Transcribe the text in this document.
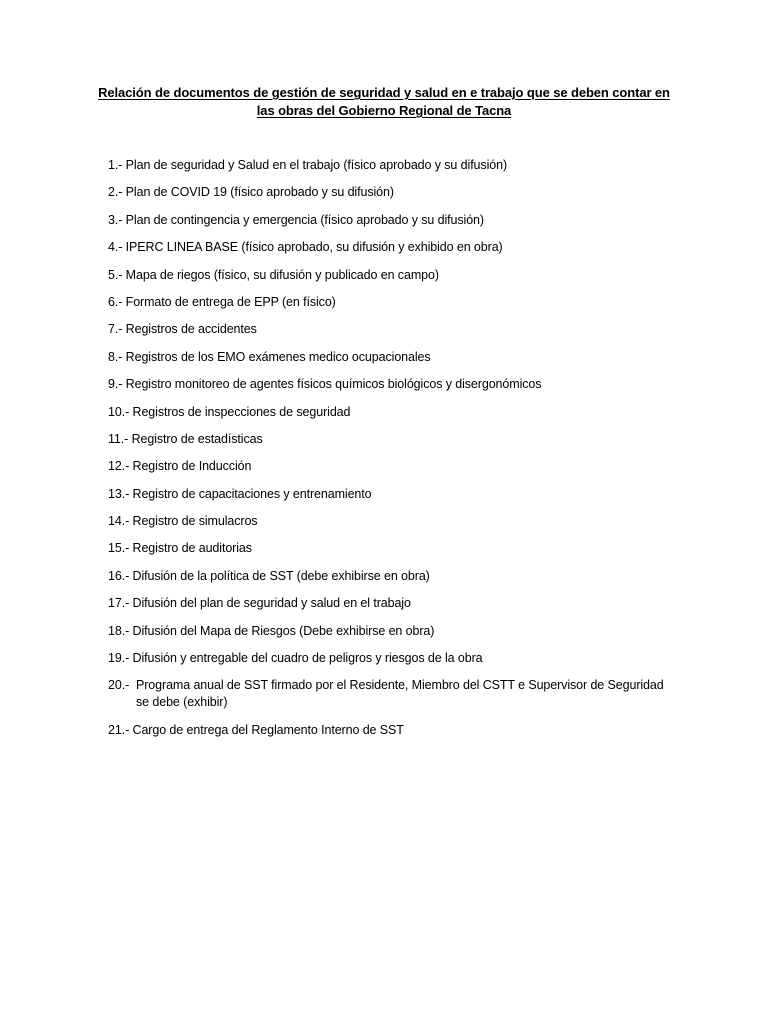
Relación de documentos de gestión de seguridad y salud en e trabajo que se deben contar en
las obras del Gobierno Regional de Tacna
1.- Plan de seguridad y Salud en el trabajo (físico aprobado y su difusión)
2.- Plan de COVID 19 (físico aprobado y su difusión)
3.- Plan de contingencia y emergencia (físico aprobado y su difusión)
4.- IPERC LINEA BASE (físico aprobado, su difusión y exhibido en obra)
5.- Mapa de riegos (físico, su difusión y publicado en campo)
6.- Formato de entrega de EPP (en físico)
7.- Registros de accidentes
8.- Registros de los EMO exámenes medico ocupacionales
9.- Registro monitoreo de agentes físicos químicos biológicos y disergonómicos
10.- Registros de inspecciones de seguridad
11.- Registro de estadísticas
12.- Registro de Inducción
13.- Registro de capacitaciones y entrenamiento
14.- Registro de simulacros
15.- Registro de auditorias
16.- Difusión de la política de SST (debe exhibirse en obra)
17.- Difusión del plan de seguridad y salud en el trabajo
18.- Difusión del Mapa de Riesgos (Debe exhibirse en obra)
19.- Difusión y entregable del cuadro de peligros y riesgos de la obra
20.- Programa anual de SST firmado por el Residente, Miembro del CSTT e Supervisor de Seguridad se debe (exhibir)
21.- Cargo de entrega del Reglamento Interno de SST
